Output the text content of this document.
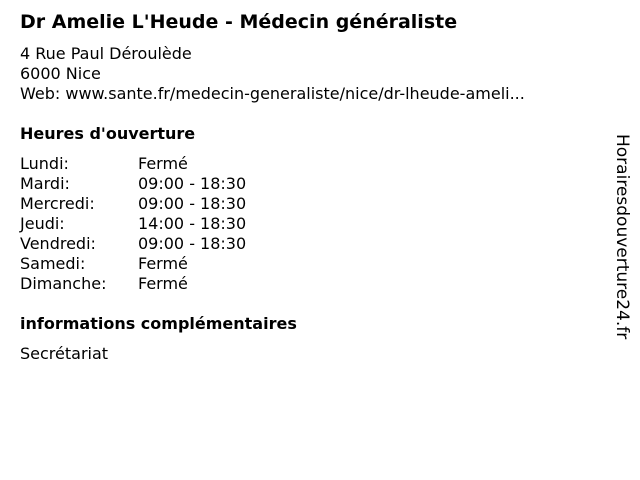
Dr Amelie L'Heude - Médecin généraliste
4 Rue Paul Déroulède
6000 Nice
Web: www.sante.fr/medecin-generaliste/nice/dr-lheude-ameli...
Heures d'ouverture
Lundi:	Fermé
Mardi:	09:00 - 18:30
Mercredi:	09:00 - 18:30
Jeudi:	14:00 - 18:30
Vendredi:	09:00 - 18:30
Samedi:	Fermé
Dimanche:	Fermé
informations complémentaires
Secrétariat
Horairesdouverture24.fr
